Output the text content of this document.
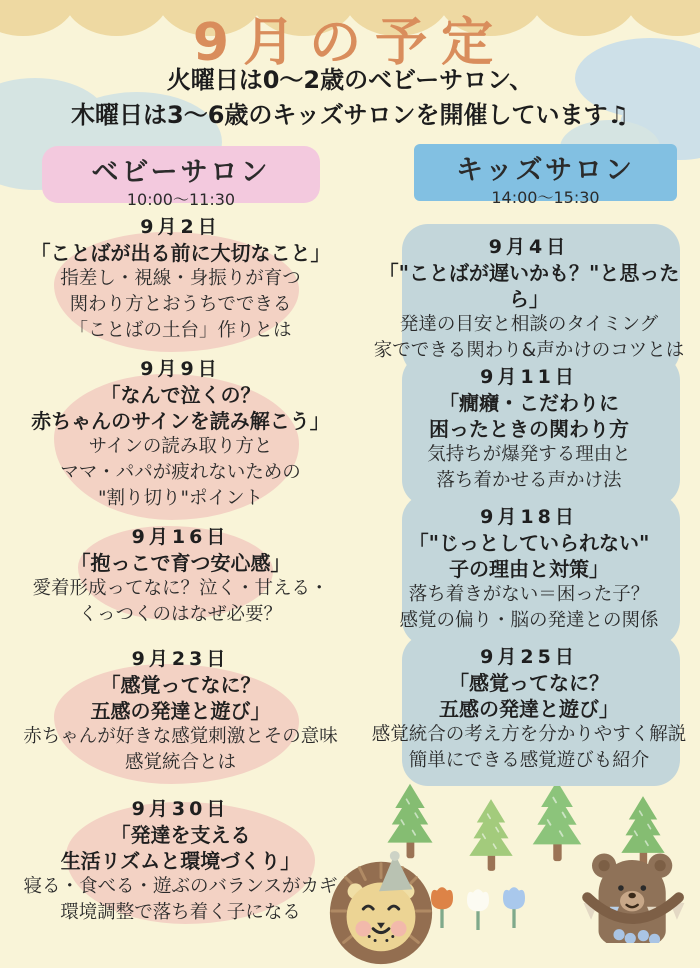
9月の予定
火曜日は0〜2歳のベビーサロン、
木曜日は3〜6歳のキッズサロンを開催しています♫
ベビーサロン
10:00〜11:30
キッズサロン
14:00〜15:30
9月2日
「ことばが出る前に大切なこと」
指差し・視線・身振りが育つ
関わり方とおうちでできる
「ことばの土台」作りとは
9月9日
「なんで泣くの？
赤ちゃんのサインを読み解こう」
サインの読み取り方と
ママ・パパが疲れないための
"割り切り"ポイント
9月16日
「抱っこで育つ安心感」
愛着形成ってなに？泣く・甘える・
くっつくのはなぜ必要？
9月23日
「感覚ってなに？
五感の発達と遊び」
赤ちゃんが好きな感覚刺激とその意味
感覚統合とは
9月30日
「発達を支える
生活リズムと環境づくり」
寝る・食べる・遊ぶのバランスがカギ
環境調整で落ち着く子になる
9月4日
「"ことばが遅いかも？"と思ったら」
発達の目安と相談のタイミング
家でできる関わり&声かけのコツとは
9月11日
「癇癪・こだわりに
困ったときの関わり方
気持ちが爆発する理由と
落ち着かせる声かけ法
9月18日
「"じっとしていられない"
子の理由と対策」
落ち着きがない＝困った子？
感覚の偏り・脳の発達との関係
9月25日
「感覚ってなに？
五感の発達と遊び」
感覚統合の考え方を分かりやすく解説
簡単にできる感覚遊びも紹介
